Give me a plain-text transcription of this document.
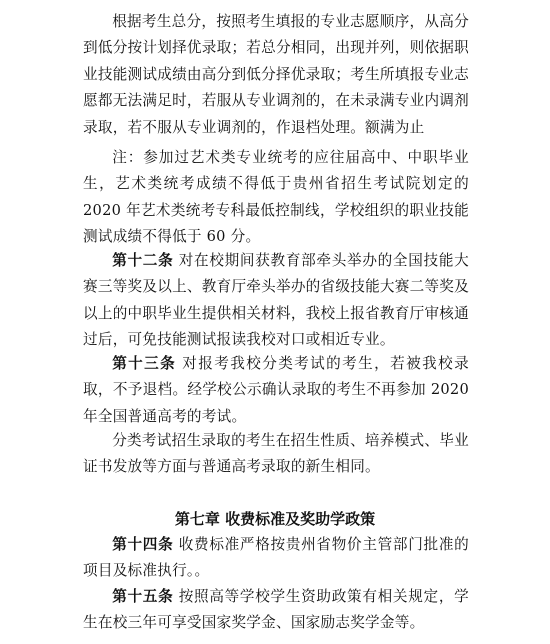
根据考生总分，按照考生填报的专业志愿顺序，从高分到低分按计划择优录取；若总分相同，出现并列，则依据职业技能测试成绩由高分到低分择优录取；考生所填报专业志愿都无法满足时，若服从专业调剂的，在未录满专业内调剂录取，若不服从专业调剂的，作退档处理。额满为止

注：参加过艺术类专业统考的应往届高中、中职毕业生，艺术类统考成绩不得低于贵州省招生考试院划定的 2020 年艺术类统考专科最低控制线，学校组织的职业技能测试成绩不得低于 60 分。

第十二条 对在校期间获教育部牵头举办的全国技能大赛三等奖及以上、教育厅牵头举办的省级技能大赛二等奖及以上的中职毕业生提供相关材料，我校上报省教育厅审核通过后，可免技能测试报读我校对口或相近专业。

第十三条 对报考我校分类考试的考生，若被我校录取，不予退档。经学校公示确认录取的考生不再参加 2020 年全国普通高考的考试。

分类考试招生录取的考生在招生性质、培养模式、毕业证书发放等方面与普通高考录取的新生相同。

第七章 收费标准及奖助学政策

第十四条 收费标准严格按贵州省物价主管部门批准的项目及标准执行。。

第十五条 按照高等学校学生资助政策有相关规定，学生在校三年可享受国家奖学金、国家励志奖学金等。
